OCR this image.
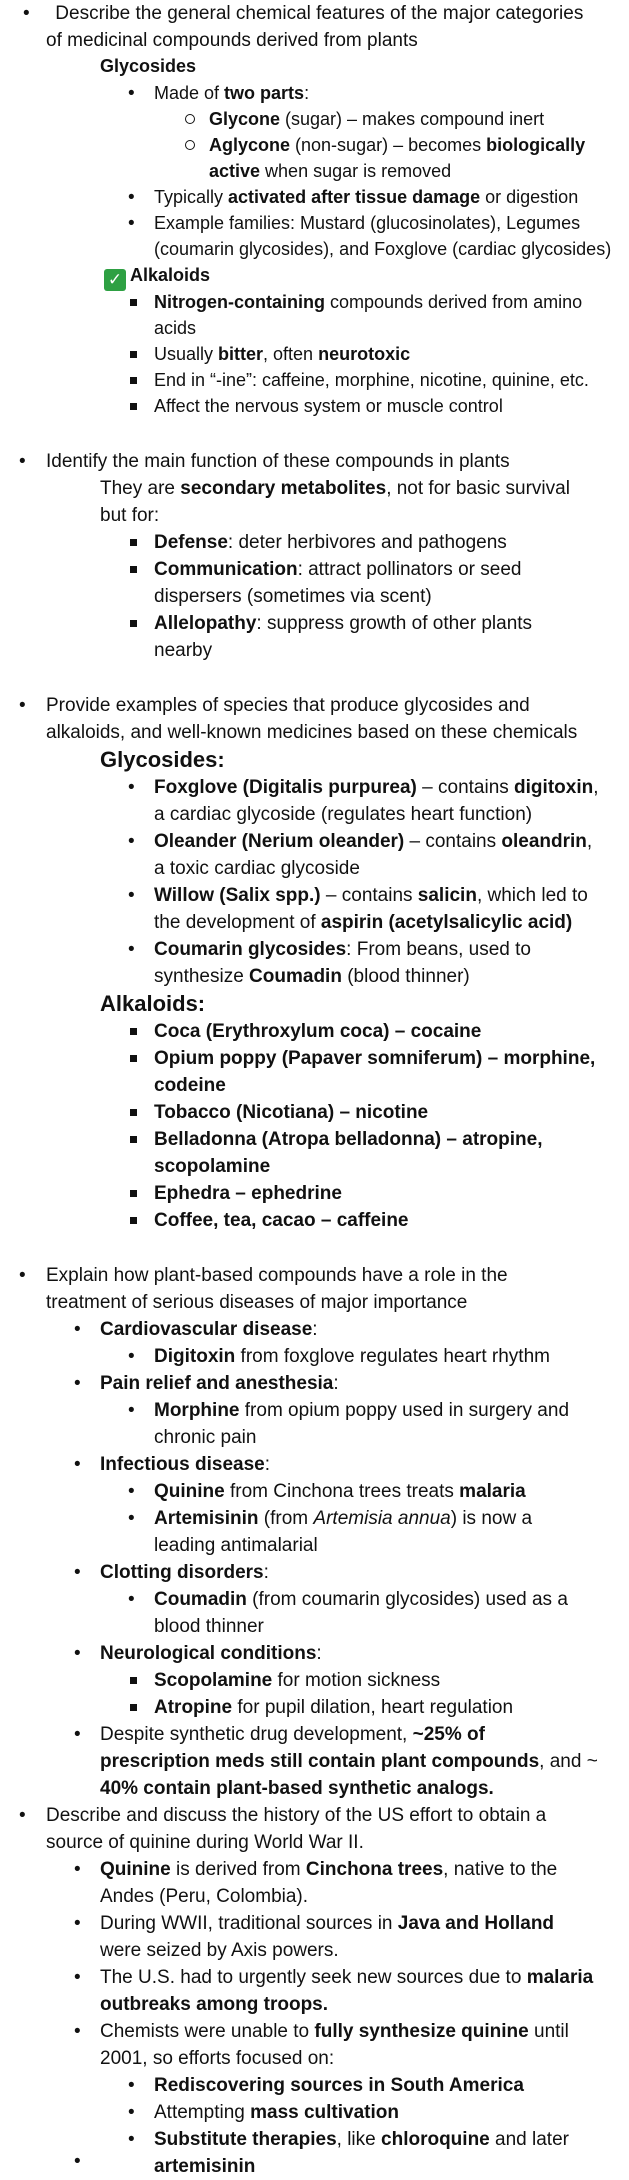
•  Describe the general chemical features of the major categories
of medicinal compounds derived from plants
Glycosides
• Made of two parts:
Glycone (sugar) – makes compound inert
Aglycone (non-sugar) – becomes biologically
active when sugar is removed
• Typically activated after tissue damage or digestion
• Example families: Mustard (glucosinolates), Legumes
(coumarin glycosides), and Foxglove (cardiac glycosides)
✓ Alkaloids
Nitrogen-containing compounds derived from amino
acids
Usually bitter, often neurotoxic
End in “-ine”: caffeine, morphine, nicotine, quinine, etc.
Affect the nervous system or muscle control
• Identify the main function of these compounds in plants
They are secondary metabolites, not for basic survival
but for:
Defense: deter herbivores and pathogens
Communication: attract pollinators or seed
dispersers (sometimes via scent)
Allelopathy: suppress growth of other plants
nearby
• Provide examples of species that produce glycosides and
alkaloids, and well-known medicines based on these chemicals
Glycosides:
• Foxglove (Digitalis purpurea) – contains digitoxin,
a cardiac glycoside (regulates heart function)
• Oleander (Nerium oleander) – contains oleandrin,
a toxic cardiac glycoside
• Willow (Salix spp.) – contains salicin, which led to
the development of aspirin (acetylsalicylic acid)
• Coumarin glycosides: From beans, used to
synthesize Coumadin (blood thinner)
Alkaloids:
Coca (Erythroxylum coca) – cocaine
Opium poppy (Papaver somniferum) – morphine,
codeine
Tobacco (Nicotiana) – nicotine
Belladonna (Atropa belladonna) – atropine,
scopolamine
Ephedra – ephedrine
Coffee, tea, cacao – caffeine
• Explain how plant-based compounds have a role in the
treatment of serious diseases of major importance
• Cardiovascular disease:
• Digitoxin from foxglove regulates heart rhythm
• Pain relief and anesthesia:
• Morphine from opium poppy used in surgery and
chronic pain
• Infectious disease:
• Quinine from Cinchona trees treats malaria
• Artemisinin (from Artemisia annua) is now a
leading antimalarial
• Clotting disorders:
• Coumadin (from coumarin glycosides) used as a
blood thinner
• Neurological conditions:
Scopolamine for motion sickness
Atropine for pupil dilation, heart regulation
• Despite synthetic drug development, ~25% of
prescription meds still contain plant compounds, and ~
40% contain plant-based synthetic analogs.
• Describe and discuss the history of the US effort to obtain a
source of quinine during World War II.
• Quinine is derived from Cinchona trees, native to the
Andes (Peru, Colombia).
• During WWII, traditional sources in Java and Holland
were seized by Axis powers.
• The U.S. had to urgently seek new sources due to malaria
outbreaks among troops.
• Chemists were unable to fully synthesize quinine until
2001, so efforts focused on:
• Rediscovering sources in South America
• Attempting mass cultivation
• Substitute therapies, like chloroquine and later
artemisinin
•
